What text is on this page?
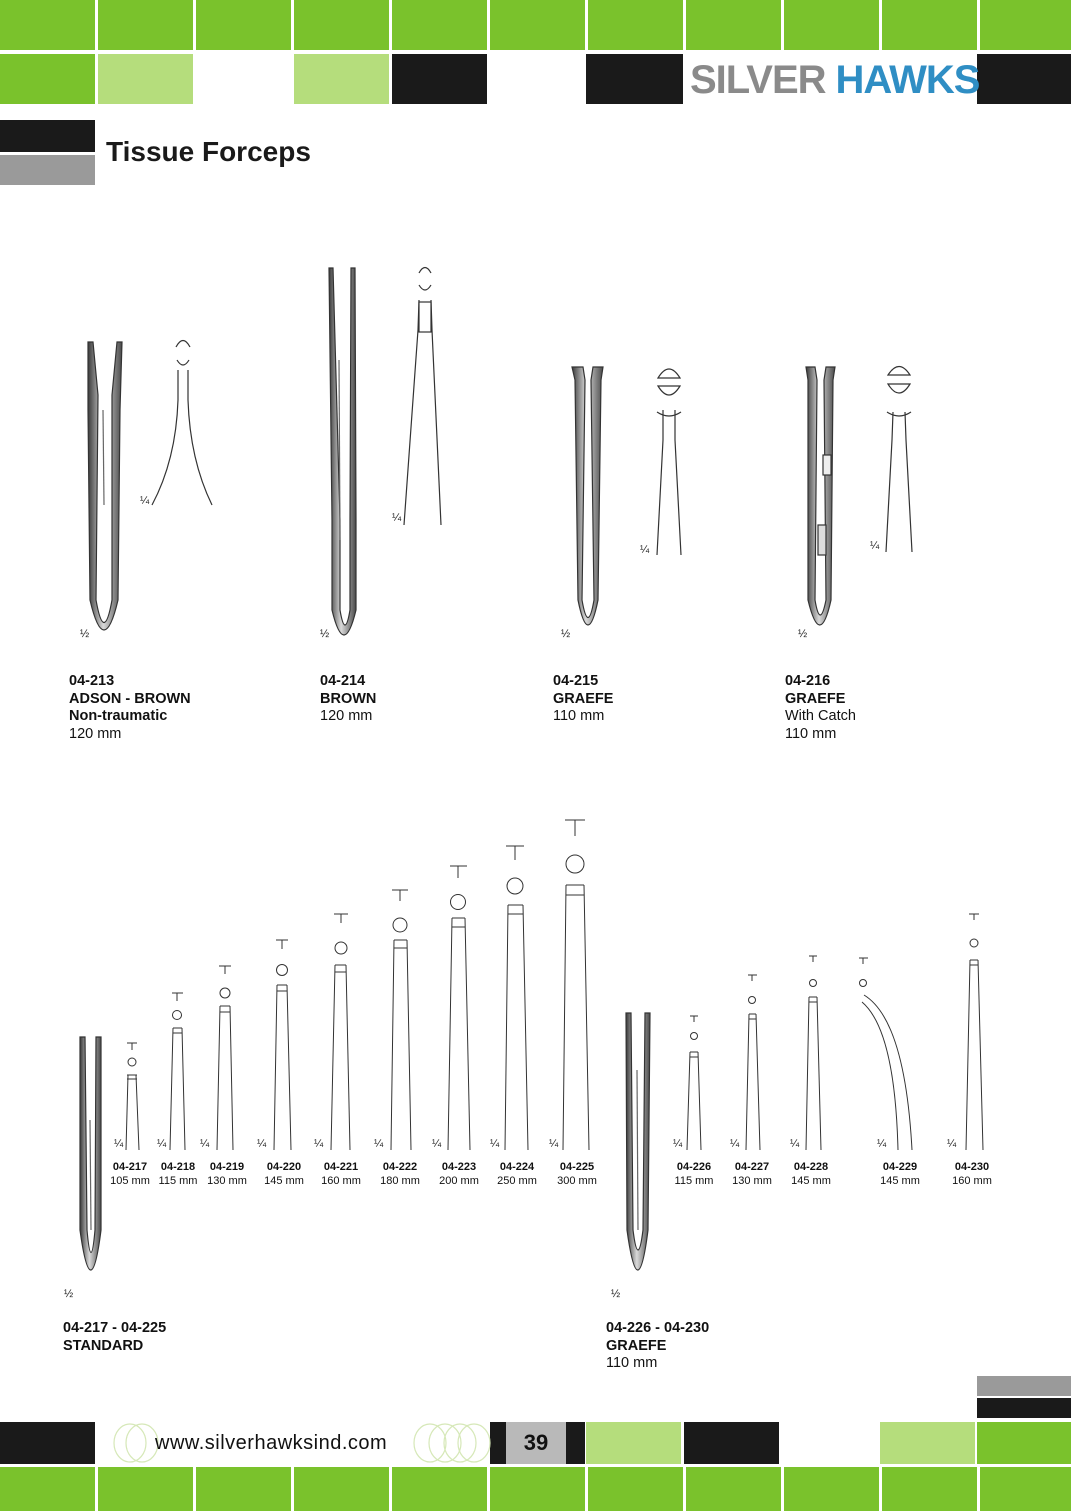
SILVER HAWKS
Tissue Forceps
½	½	½	½
½	½
¼
¼
¼	¼
¼	¼	¼	¼	¼	¼	¼	¼	¼	¼	¼	¼	¼	¼
04-213
ADSON - BROWN
Non-traumatic
120 mm
04-214
BROWN
120 mm
04-215
GRAEFE
110 mm
04-216
GRAEFE
With Catch
110 mm
04-217
105 mm
04-218
115 mm
04-219
130 mm
04-220
145 mm
04-221
160 mm
04-222
180 mm
04-223
200 mm
04-224
250 mm
04-225
300 mm
04-226
115 mm
04-227
130 mm
04-228
145 mm
04-229
145 mm
04-230
160 mm
04-217 - 04-225
STANDARD
04-226 - 04-230
GRAEFE
110 mm
www.silverhawksind.com	39
